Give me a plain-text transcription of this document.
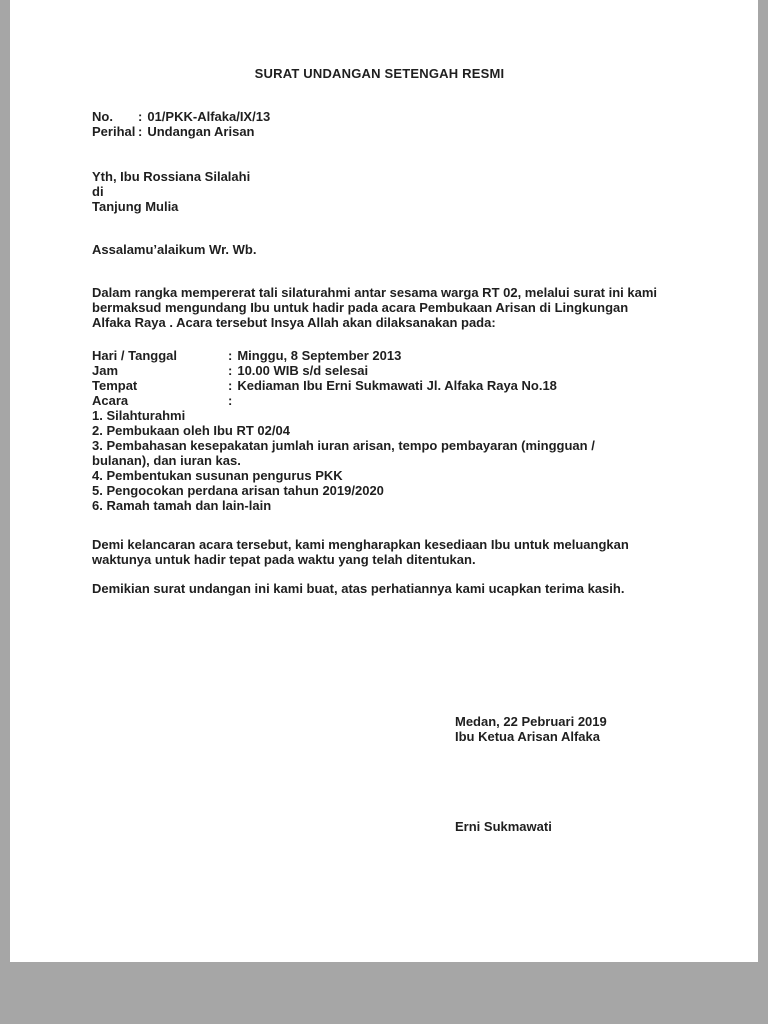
SURAT UNDANGAN SETENGAH RESMI
No.	: 01/PKK-Alfaka/IX/13
Perihal : Undangan Arisan
Yth, Ibu Rossiana Silalahi
di
Tanjung Mulia
Assalamu’alaikum Wr. Wb.
Dalam rangka mempererat tali silaturahmi antar sesama warga RT 02, melalui surat ini kami bermaksud mengundang Ibu untuk hadir pada acara Pembukaan Arisan di Lingkungan Alfaka Raya . Acara tersebut Insya Allah akan dilaksanakan pada:
Hari / Tanggal	: Minggu, 8 September 2013
Jam	: 10.00 WIB s/d selesai
Tempat	: Kediaman Ibu Erni Sukmawati Jl. Alfaka Raya No.18
Acara	:
1. Silahturahmi
2. Pembukaan oleh Ibu RT 02/04
3. Pembahasan kesepakatan jumlah iuran arisan, tempo pembayaran (mingguan /    bulanan), dan iuran kas.
4. Pembentukan susunan pengurus PKK
5. Pengocokan perdana arisan tahun 2019/2020
6. Ramah tamah dan lain-lain
Demi kelancaran acara tersebut, kami mengharapkan kesediaan Ibu untuk meluangkan waktunya untuk hadir tepat pada waktu yang telah ditentukan.
Demikian surat undangan ini kami buat, atas perhatiannya kami ucapkan terima kasih.
Medan, 22 Pebruari 2019
Ibu Ketua Arisan Alfaka
Erni Sukmawati
